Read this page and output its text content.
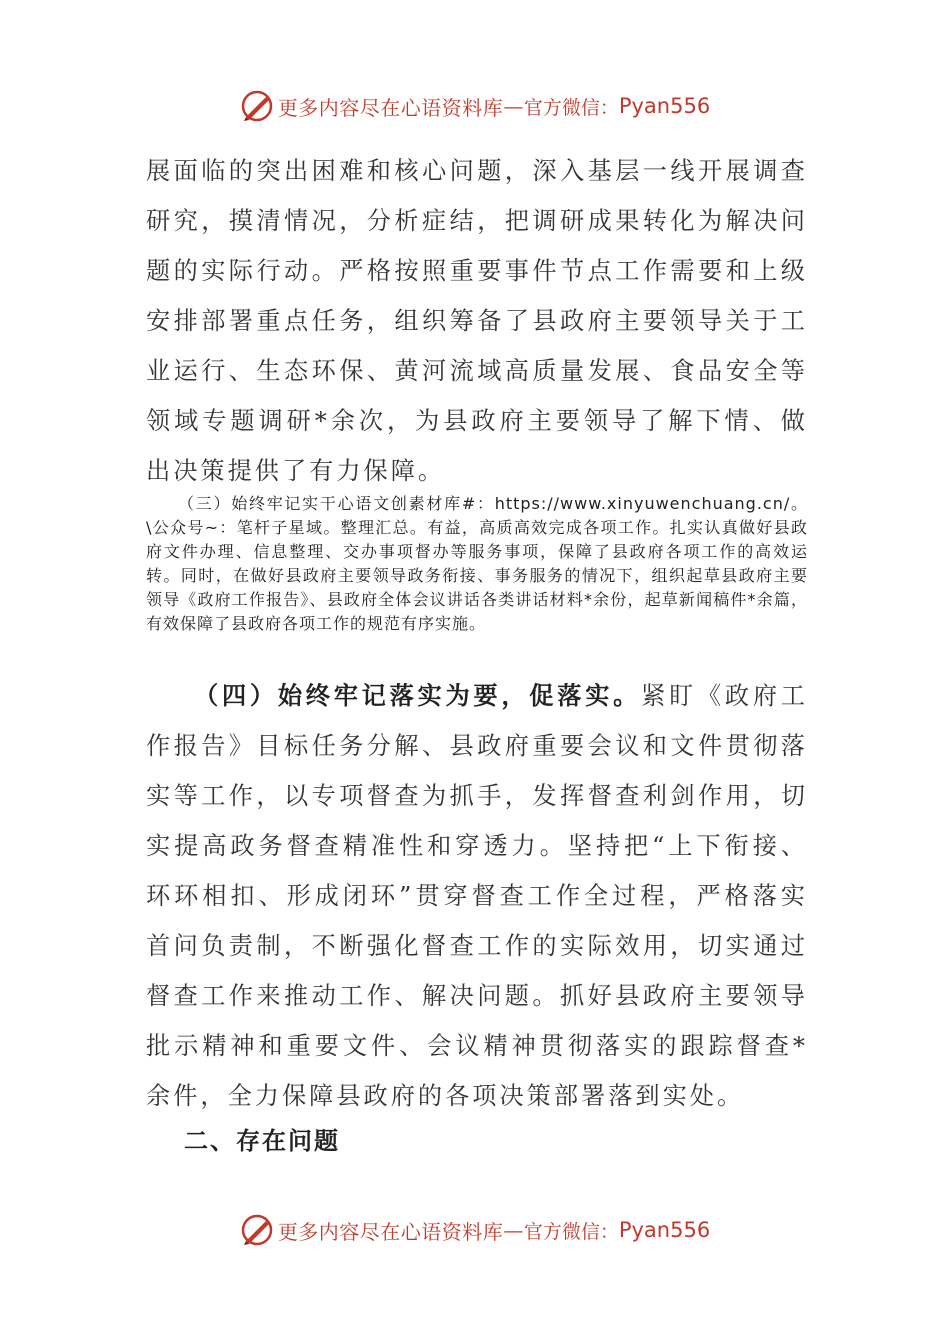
更多内容尽在心语资料库 — 官方微信： Pyan556

展面临的突出困难和核心问题，深入基层一线开展调查研究，摸清情况，分析症结，把调研成果转化为解决问题的实际行动。严格按照重要事件节点工作需要和上级安排部署重点任务，组织筹备了县政府主要领导关于工业运行、生态环保、黄河流域高质量发展、食品安全等领域专题调研*余次，为县政府主要领导了解下情、做出决策提供了有力保障。

（三）始终牢记实干心语文创素材库#：https://www.xinyuwenchuang.cn/。\公众号~：笔杆子星域。整理汇总。有益，高质高效完成各项工作。扎实认真做好县政府文件办理、信息整理、交办事项督办等服务事项，保障了县政府各项工作的高效运转。同时，在做好县政府主要领导政务衔接、事务服务的情况下，组织起草县政府主要领导《政府工作报告》、县政府全体会议讲话各类讲话材料*余份，起草新闻稿件*余篇，有效保障了县政府各项工作的规范有序实施。

（四）始终牢记落实为要，促落实。紧盯《政府工作报告》目标任务分解、县政府重要会议和文件贯彻落实等工作，以专项督查为抓手，发挥督查利剑作用，切实提高政务督查精准性和穿透力。坚持把“上下衔接、环环相扣、形成闭环”贯穿督查工作全过程，严格落实首问负责制，不断强化督查工作的实际效用，切实通过督查工作来推动工作、解决问题。抓好县政府主要领导批示精神和重要文件、会议精神贯彻落实的跟踪督查*余件，全力保障县政府的各项决策部署落到实处。

二、存在问题
更多内容尽在心语资料库 — 官方微信： Pyan556
